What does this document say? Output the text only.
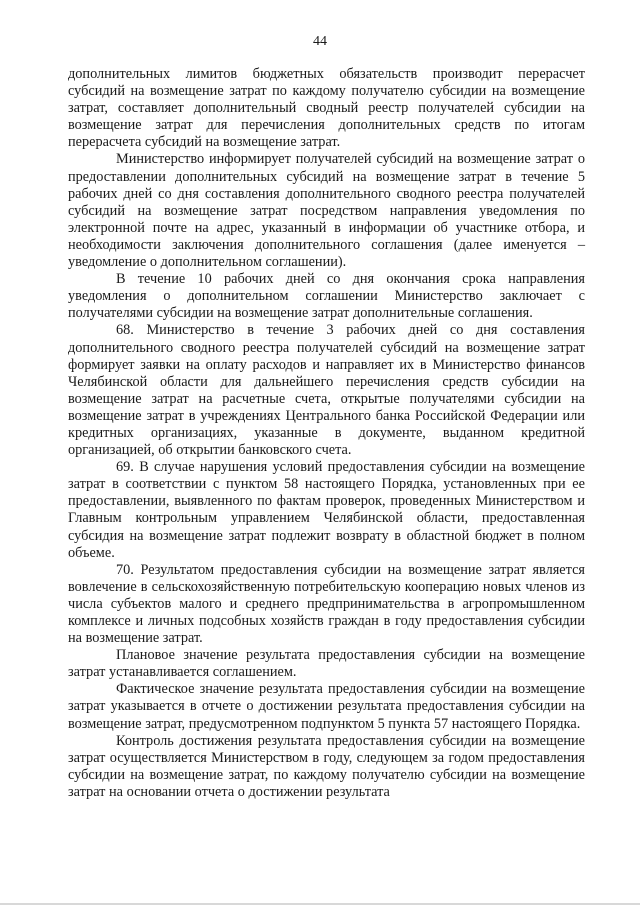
44

дополнительных лимитов бюджетных обязательств производит перерасчет субсидий на возмещение затрат по каждому получателю субсидии на возмещение затрат, составляет дополнительный сводный реестр получателей субсидии на возмещение затрат для перечисления дополнительных средств по итогам перерасчета субсидий на возмещение затрат.

Министерство информирует получателей субсидий на возмещение затрат о предоставлении дополнительных субсидий на возмещение затрат в течение 5 рабочих дней со дня составления дополнительного сводного реестра получателей субсидий на возмещение затрат посредством направления уведомления по электронной почте на адрес, указанный в информации об участнике отбора, и необходимости заключения дополнительного соглашения (далее именуется – уведомление о дополнительном соглашении).

В течение 10 рабочих дней со дня окончания срока направления уведомления о дополнительном соглашении Министерство заключает с получателями субсидии на возмещение затрат дополнительные соглашения.

68. Министерство в течение 3 рабочих дней со дня составления дополнительного сводного реестра получателей субсидий на возмещение затрат формирует заявки на оплату расходов и направляет их в Министерство финансов Челябинской области для дальнейшего перечисления средств субсидии на возмещение затрат на расчетные счета, открытые получателями субсидии на возмещение затрат в учреждениях Центрального банка Российской Федерации или кредитных организациях, указанные в документе, выданном кредитной организацией, об открытии банковского счета.

69. В случае нарушения условий предоставления субсидии на возмещение затрат в соответствии с пунктом 58 настоящего Порядка, установленных при ее предоставлении, выявленного по фактам проверок, проведенных Министерством и Главным контрольным управлением Челябинской области, предоставленная субсидия на возмещение затрат подлежит возврату в областной бюджет в полном объеме.

70. Результатом предоставления субсидии на возмещение затрат является вовлечение в сельскохозяйственную потребительскую кооперацию новых членов из числа субъектов малого и среднего предпринимательства в агропромышленном комплексе и личных подсобных хозяйств граждан в году предоставления субсидии на возмещение затрат.

Плановое значение результата предоставления субсидии на возмещение затрат устанавливается соглашением.

Фактическое значение результата предоставления субсидии на возмещение затрат указывается в отчете о достижении результата предоставления субсидии на возмещение затрат, предусмотренном подпунктом 5 пункта 57 настоящего Порядка.

Контроль достижения результата предоставления субсидии на возмещение затрат осуществляется Министерством в году, следующем за годом предоставления субсидии на возмещение затрат, по каждому получателю субсидии на возмещение затрат на основании отчета о достижении результата
